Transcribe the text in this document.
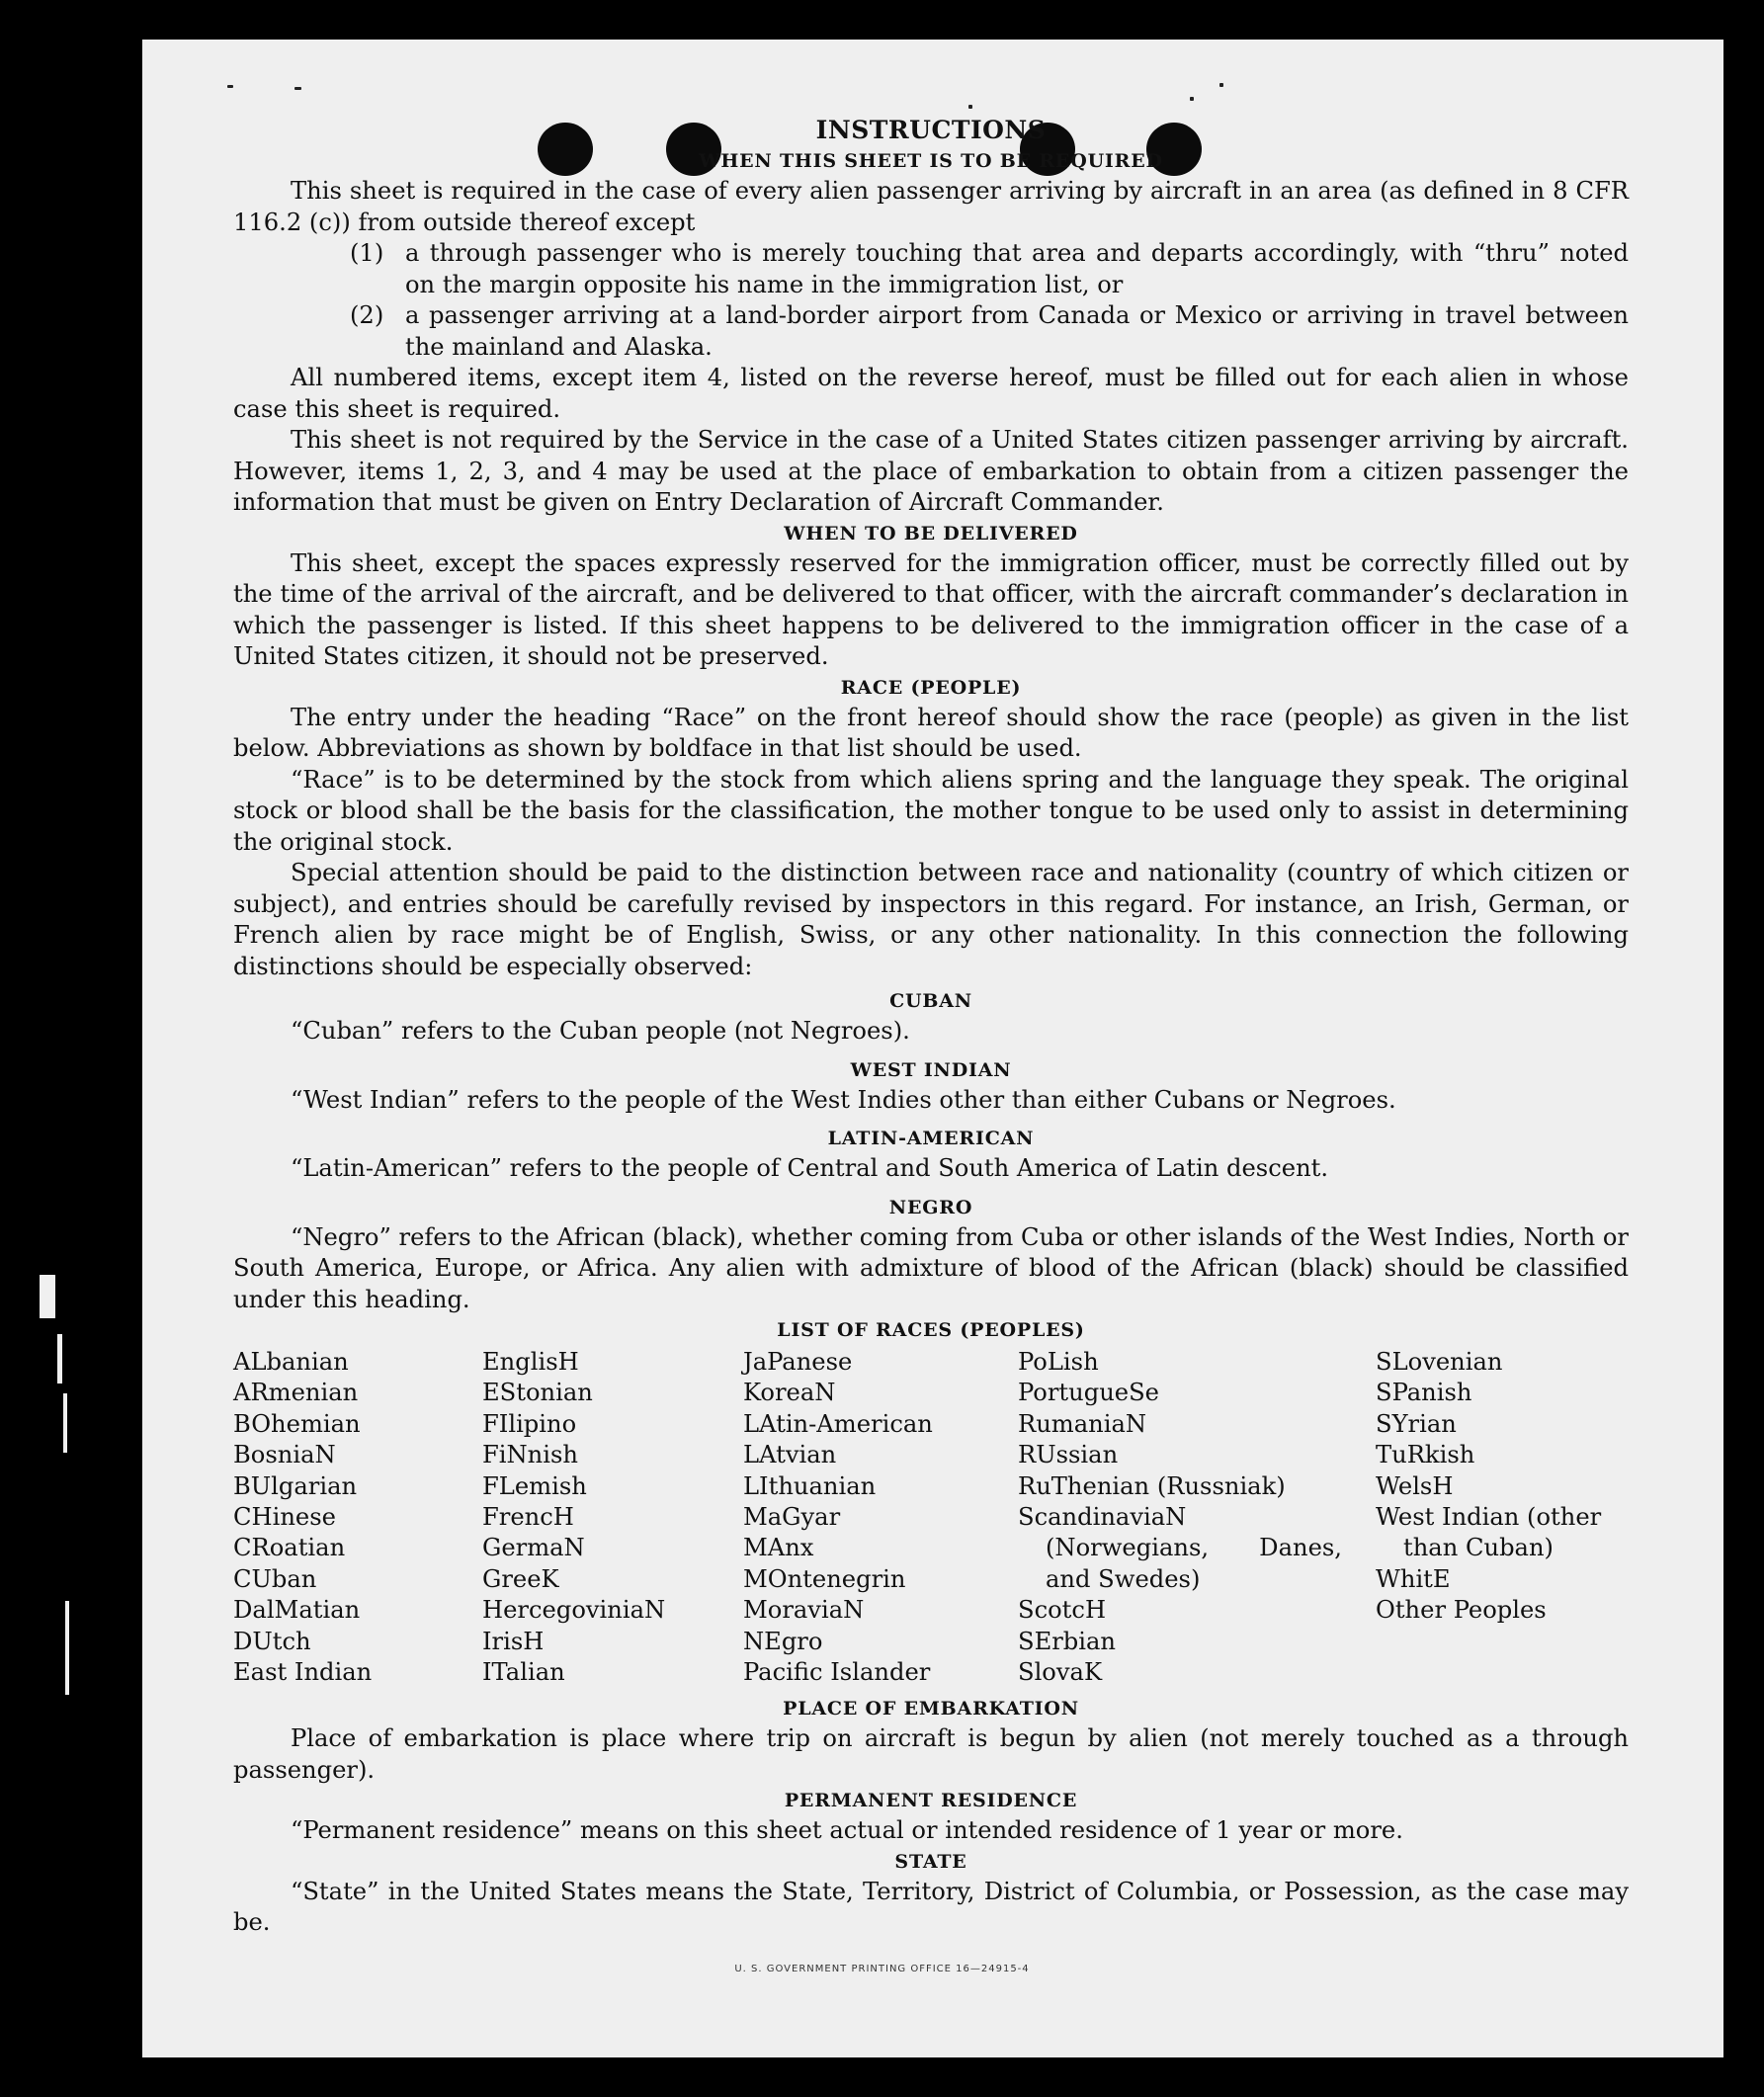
INSTRUCTIONS

WHEN THIS SHEET IS TO BE REQUIRED

This sheet is required in the case of every alien passenger arriving by aircraft in an area (as defined in 8 CFR 116.2 (c)) from outside thereof except

(1) a through passenger who is merely touching that area and departs accordingly, with “thru” noted on the margin opposite his name in the immigration list, or
(2) a passenger arriving at a land-border airport from Canada or Mexico or arriving in travel between the mainland and Alaska.

All numbered items, except item 4, listed on the reverse hereof, must be filled out for each alien in whose case this sheet is required.

This sheet is not required by the Service in the case of a United States citizen passenger arriving by aircraft. However, items 1, 2, 3, and 4 may be used at the place of embarkation to obtain from a citizen passenger the information that must be given on Entry Declaration of Aircraft Commander.

WHEN TO BE DELIVERED

This sheet, except the spaces expressly reserved for the immigration officer, must be correctly filled out by the time of the arrival of the aircraft, and be delivered to that officer, with the aircraft commander’s declaration in which the passenger is listed. If this sheet happens to be delivered to the immigration officer in the case of a United States citizen, it should not be preserved.

RACE (PEOPLE)

The entry under the heading “Race” on the front hereof should show the race (people) as given in the list below. Abbreviations as shown by boldface in that list should be used.

“Race” is to be determined by the stock from which aliens spring and the language they speak. The original stock or blood shall be the basis for the classification, the mother tongue to be used only to assist in determining the original stock.

Special attention should be paid to the distinction between race and nationality (country of which citizen or subject), and entries should be carefully revised by inspectors in this regard. For instance, an Irish, German, or French alien by race might be of English, Swiss, or any other nationality. In this connection the following distinctions should be especially observed:

CUBAN

“Cuban” refers to the Cuban people (not Negroes).

WEST INDIAN

“West Indian” refers to the people of the West Indies other than either Cubans or Negroes.

LATIN-AMERICAN

“Latin-American” refers to the people of Central and South America of Latin descent.

NEGRO

“Negro” refers to the African (black), whether coming from Cuba or other islands of the West Indies, North or South America, Europe, or Africa. Any alien with admixture of blood of the African (black) should be classified under this heading.

LIST OF RACES (PEOPLES)

ALbanian
ARmenian
BOhemian
BosniaN
BUlgarian
CHinese
CRoatian
CUban
DalMatian
DUtch
East Indian
EnglisH
EStonian
FIlipino
FiNnish
FLemish
FrencH
GermaN
GreeK
HercegoviniaN
IrisH
ITalian
JaPanese
KoreaN
LAtin-American
LAtvian
LIthuanian
MaGyar
MAnx
MOntenegrin
MoraviaN
NEgro
Pacific Islander
PoLish
PortugueSe
RumaniaN
RUssian
RuThenian (Russniak)
ScandinaviaN (Norwegians, Danes, and Swedes)
ScotcH
SErbian
SlovaK
SLovenian
SPanish
SYrian
TuRkish
WelsH
West Indian (other than Cuban)
WhitE
Other Peoples

PLACE OF EMBARKATION

Place of embarkation is place where trip on aircraft is begun by alien (not merely touched as a through passenger).

PERMANENT RESIDENCE

“Permanent residence” means on this sheet actual or intended residence of 1 year or more.

STATE

“State” in the United States means the State, Territory, District of Columbia, or Possession, as the case may be.

U. S. GOVERNMENT PRINTING OFFICE 16—24915-4
